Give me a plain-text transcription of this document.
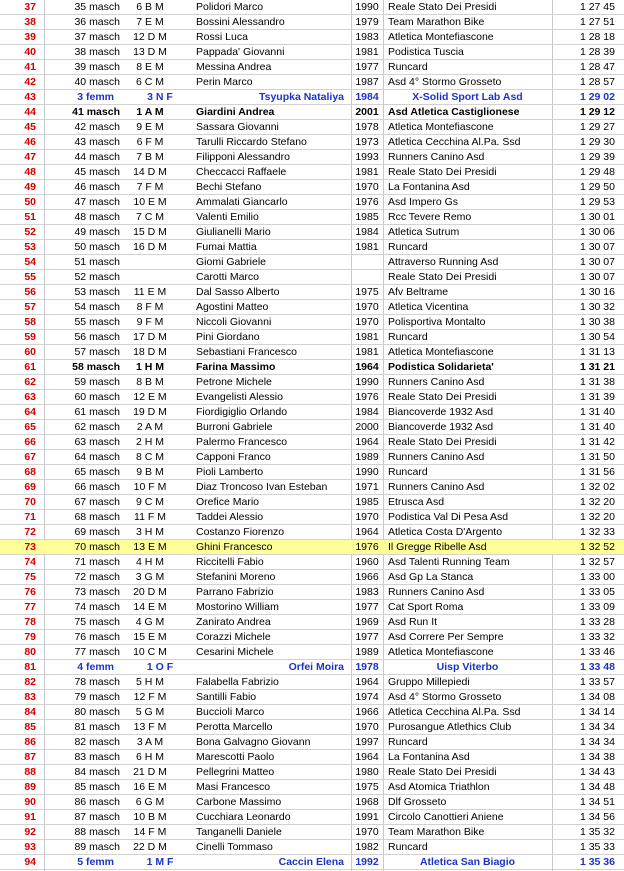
37	35 masch	6 B M	Polidori Marco	1990 Reale Stato Dei Presidi	1 27 45
38	36 masch	7 E M	Bossini Alessandro	1979 Team Marathon Bike	1 27 51
39	37 masch	12 D M	Rossi Luca	1983 Atletica Montefiascone	1 28 18
40	38 masch	13 D M	Pappada' Giovanni	1981 Podistica Tuscia	1 28 39
41	39 masch	8 E M	Messina Andrea	1977 Runcard	1 28 47
42	40 masch	6 C M	Perin Marco	1987 Asd 4° Stormo Grosseto	1 28 57
43	3 femm	3 N F	Tsyupka Nataliya 1984	X-Solid Sport Lab Asd	1 29 02
44	41 masch	1 A M	Giardini Andrea	2001 Asd Atletica Castiglionese	1 29 12
45	42 masch	9 E M	Sassara Giovanni	1978 Atletica Montefiascone	1 29 27
46	43 masch	6 F M	Tarulli Riccardo Stefano	1973 Atletica Cecchina Al.Pa. Ssd	1 29 30
47	44 masch	7 B M	Filipponi Alessandro	1993 Runners Canino Asd	1 29 39
48	45 masch	14 D M	Checcacci Raffaele	1981 Reale Stato Dei Presidi	1 29 48
49	46 masch	7 F M	Bechi Stefano	1970 La Fontanina Asd	1 29 50
50	47 masch	10 E M	Ammalati Giancarlo	1976 Asd Impero Gs	1 29 53
51	48 masch	7 C M	Valenti Emilio	1985 Rcc Tevere Remo	1 30 01
52	49 masch	15 D M	Giulianelli Mario	1984 Atletica Sutrum	1 30 06
53	50 masch	16 D M	Fumai Mattia	1981 Runcard	1 30 07
54	51 masch	Giomi Gabriele	Attraverso Running Asd	1 30 07
55	52 masch	Carotti Marco	Reale Stato Dei Presidi	1 30 07
56	53 masch	11 E M	Dal Sasso Alberto	1975 Afv Beltrame	1 30 16
57	54 masch	8 F M	Agostini Matteo	1970 Atletica Vicentina	1 30 32
58	55 masch	9 F M	Niccoli Giovanni	1970 Polisportiva Montalto	1 30 38
59	56 masch	17 D M	Pini Giordano	1981 Runcard	1 30 54
60	57 masch	18 D M	Sebastiani Francesco	1981 Atletica Montefiascone	1 31 13
61	58 masch	1 H M	Farina Massimo	1964 Podistica Solidarieta'	1 31 21
62	59 masch	8 B M	Petrone Michele	1990 Runners Canino Asd	1 31 38
63	60 masch	12 E M	Evangelisti Alessio	1976 Reale Stato Dei Presidi	1 31 39
64	61 masch	19 D M	Fiordigiglio Orlando	1984 Biancoverde 1932 Asd	1 31 40
65	62 masch	2 A M	Burroni Gabriele	2000 Biancoverde 1932 Asd	1 31 40
66	63 masch	2 H M	Palermo Francesco	1964 Reale Stato Dei Presidi	1 31 42
67	64 masch	8 C M	Capponi Franco	1989 Runners Canino Asd	1 31 50
68	65 masch	9 B M	Pioli Lamberto	1990 Runcard	1 31 56
69	66 masch	10 F M	Diaz Troncoso Ivan Esteban	1971 Runners Canino Asd	1 32 02
70	67 masch	9 C M	Orefice Mario	1985 Etrusca Asd	1 32 20
71	68 masch	11 F M	Taddei Alessio	1970 Podistica Val Di Pesa Asd	1 32 20
72	69 masch	3 H M	Costanzo Fiorenzo	1964 Atletica Costa D'Argento	1 32 33
73	70 masch	13 E M	Ghini Francesco	1976 Il Gregge Ribelle Asd	1 32 52
74	71 masch	4 H M	Riccitelli Fabio	1960 Asd Talenti Running Team	1 32 57
75	72 masch	3 G M	Stefanini Moreno	1966 Asd Gp La Stanca	1 33 00
76	73 masch	20 D M	Parrano Fabrizio	1983 Runners Canino Asd	1 33 05
77	74 masch	14 E M	Mostorino William	1977 Cat Sport Roma	1 33 09
78	75 masch	4 G M	Zanirato Andrea	1969 Asd Run It	1 33 28
79	76 masch	15 E M	Corazzi Michele	1977 Asd Correre Per Sempre	1 33 32
80	77 masch	10 C M	Cesarini Michele	1989 Atletica Montefiascone	1 33 46
81	4 femm	1 O F	Orfei Moira 1978	Uisp Viterbo	1 33 48
82	78 masch	5 H M	Falabella Fabrizio	1964 Gruppo Millepiedi	1 33 57
83	79 masch	12 F M	Santilli Fabio	1974 Asd 4° Stormo Grosseto	1 34 08
84	80 masch	5 G M	Buccioli Marco	1966 Atletica Cecchina Al.Pa. Ssd	1 34 14
85	81 masch	13 F M	Perotta Marcello	1970 Purosangue Atlethics Club	1 34 34
86	82 masch	3 A M	Bona Galvagno Giovann	1997 Runcard	1 34 34
87	83 masch	6 H M	Marescotti Paolo	1964 La Fontanina Asd	1 34 38
88	84 masch	21 D M	Pellegrini Matteo	1980 Reale Stato Dei Presidi	1 34 43
89	85 masch	16 E M	Masi Francesco	1975 Asd Atomica Triathlon	1 34 48
90	86 masch	6 G M	Carbone Massimo	1968 Dlf Grosseto	1 34 51
91	87 masch	10 B M	Cucchiara Leonardo	1991 Circolo Canottieri Aniene	1 34 56
92	88 masch	14 F M	Tanganelli Daniele	1970 Team Marathon Bike	1 35 32
93	89 masch	22 D M	Cinelli Tommaso	1982 Runcard	1 35 33
94	5 femm	1 M F	Caccin Elena 1992	Atletica San Biagio	1 35 36
